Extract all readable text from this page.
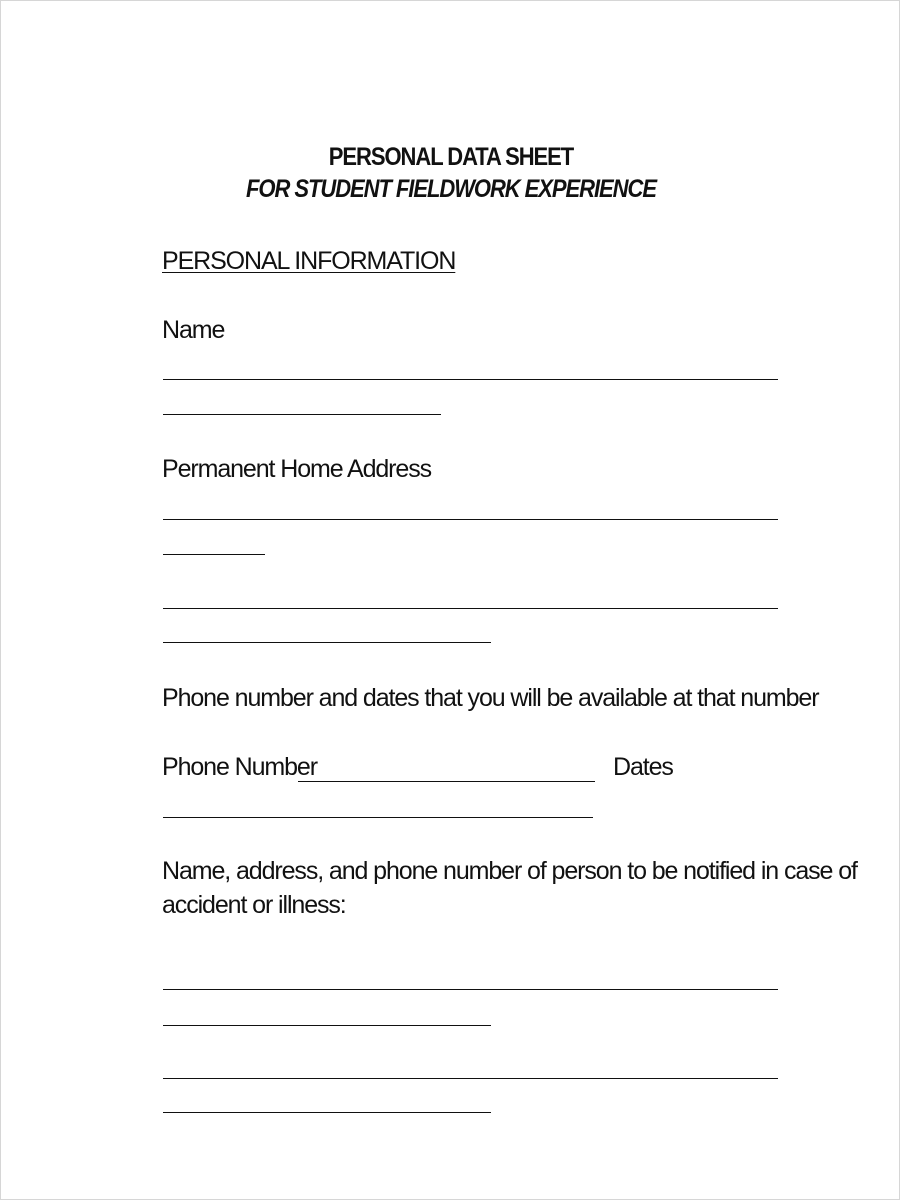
PERSONAL DATA SHEET
FOR STUDENT FIELDWORK EXPERIENCE
PERSONAL INFORMATION
Name
Permanent Home Address
Phone number and dates that you will be available at that number
Phone Number	Dates
Name, address, and phone number of person to be notified in case of
accident or illness:
